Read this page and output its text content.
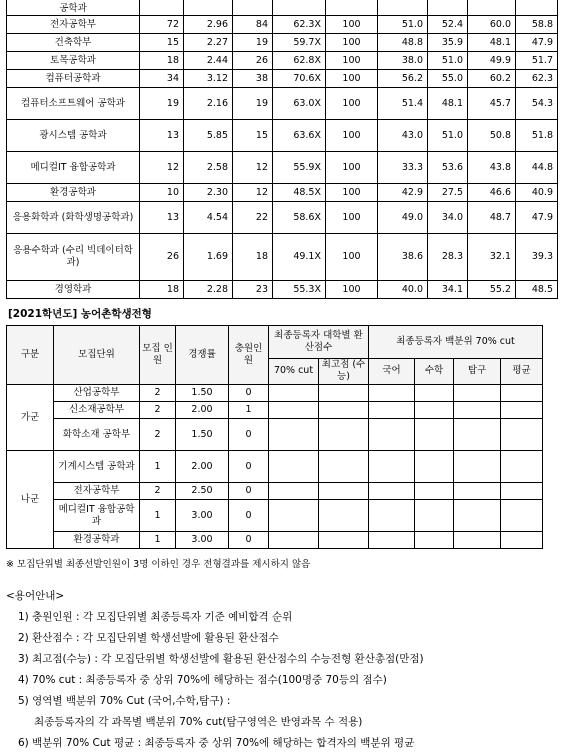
공학과									
전자공학부	72	2.96	84	62.3X	100	51.0	52.4	60.0	58.8
건축학부	15	2.27	19	59.7X	100	48.8	35.9	48.1	47.9
토목공학과	18	2.44	26	62.8X	100	38.0	51.0	49.9	51.7
컴퓨터공학과	34	3.12	38	70.6X	100	56.2	55.0	60.2	62.3
컴퓨터소프트웨어 공학과	19	2.16	19	63.0X	100	51.4	48.1	45.7	54.3
광시스템 공학과	13	5.85	15	63.6X	100	43.0	51.0	50.8	51.8
메디컬IT 융합공학과	12	2.58	12	55.9X	100	33.3	53.6	43.8	44.8
환경공학과	10	2.30	12	48.5X	100	42.9	27.5	46.6	40.9
응용화학과 (화학생명공학과)	13	4.54	22	58.6X	100	49.0	34.0	48.7	47.9
응용수학과 (수리 빅데이터학과)	26	1.69	18	49.1X	100	38.6	28.3	32.1	39.3
경영학과	18	2.28	23	55.3X	100	40.0	34.1	55.2	48.5
[2021학년도] 농어촌학생전형
구분	모집단위	모집 인원	경쟁률	충원인 원	최종등록자 대학별 환산점수		최종등록자 백분위 70% cut			
					70% cut	최고점 (수능)	국어	수학	탐구	평균
가군	산업공학부	2	1.50	0						
	신소재공학부	2	2.00	1						
	화학소재 공학부	2	1.50	0						
나군	기계시스템 공학과	1	2.00	0						
	전자공학부	2	2.50	0						
	메디컬IT 융합공학과	1	3.00	0						
	환경공학과	1	3.00	0						
※ 모집단위별 최종선발인원이 3명 이하인 경우 전형결과를 제시하지 않음
<용어안내>
1) 충원인원 : 각 모집단위별 최종등록자 기준 예비합격 순위
2) 환산점수 : 각 모집단위별 학생선발에 활용된 환산점수
3) 최고점(수능) : 각 모집단위별 학생선발에 활용된 환산점수의 수능전형 환산총점(만점)
4) 70% cut : 최종등록자 중 상위 70%에 해당하는 점수(100명중 70등의 점수)
5) 영역별 백분위 70% Cut (국어,수학,탐구) :
최종등록자의 각 과목별 백분위 70% cut(탐구영역은 반영과목 수 적용)
6) 백분위 70% Cut 평균 : 최종등록자 중 상위 70%에 해당하는 합격자의 백분위 평균
